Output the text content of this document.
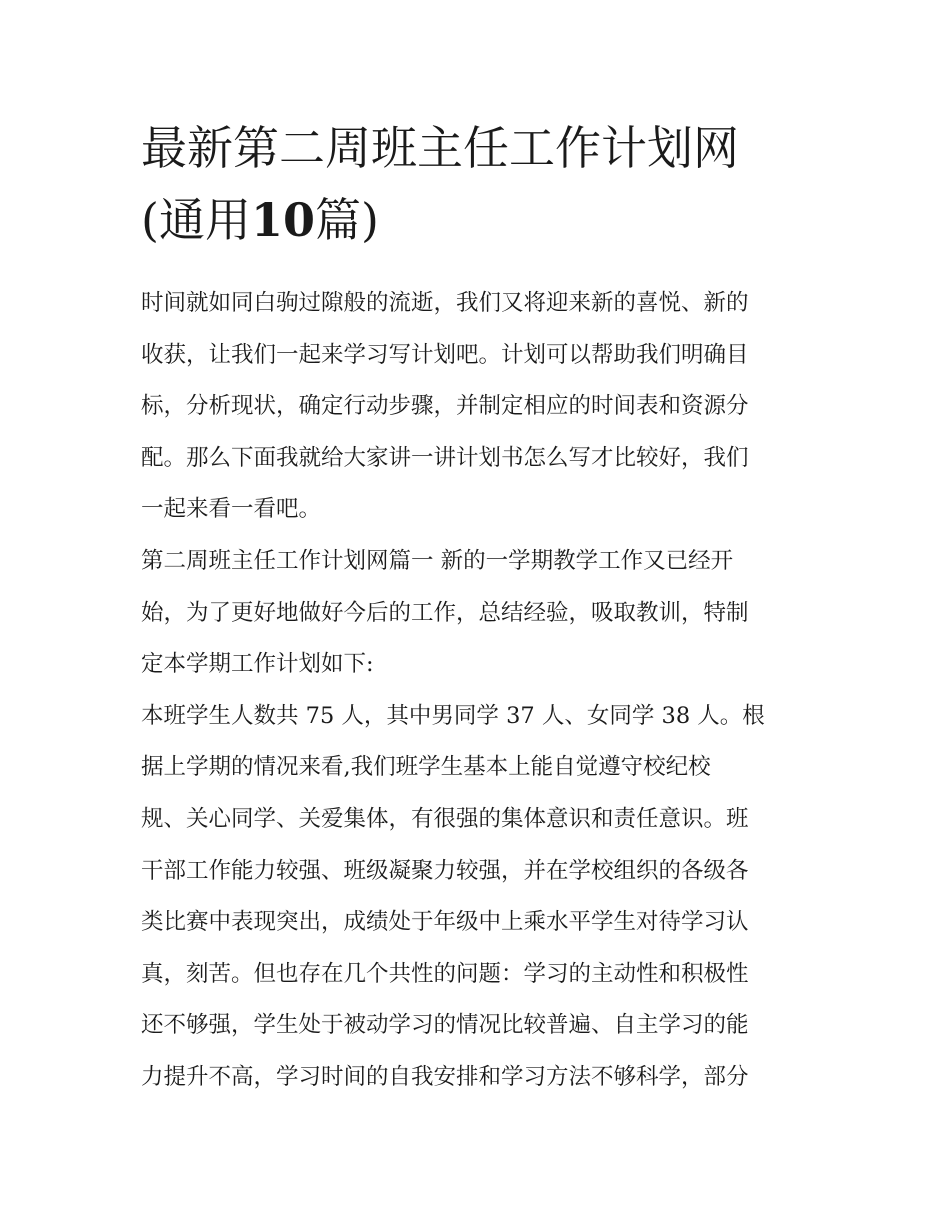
最新第二周班主任工作计划网
(通用10篇)
时间就如同白驹过隙般的流逝，我们又将迎来新的喜悦、新的
收获，让我们一起来学习写计划吧。计划可以帮助我们明确目
标，分析现状，确定行动步骤，并制定相应的时间表和资源分
配。那么下面我就给大家讲一讲计划书怎么写才比较好，我们
一起来看一看吧。
第二周班主任工作计划网篇一 新的一学期教学工作又已经开
始，为了更好地做好今后的工作，总结经验，吸取教训，特制
定本学期工作计划如下:
本班学生人数共 75 人，其中男同学 37 人、女同学 38 人。根
据上学期的情况来看,我们班学生基本上能自觉遵守校纪校
规、关心同学、关爱集体，有很强的集体意识和责任意识。班
干部工作能力较强、班级凝聚力较强，并在学校组织的各级各
类比赛中表现突出，成绩处于年级中上乘水平学生对待学习认
真，刻苦。但也存在几个共性的问题：学习的主动性和积极性
还不够强，学生处于被动学习的情况比较普遍、自主学习的能
力提升不高，学习时间的自我安排和学习方法不够科学，部分
